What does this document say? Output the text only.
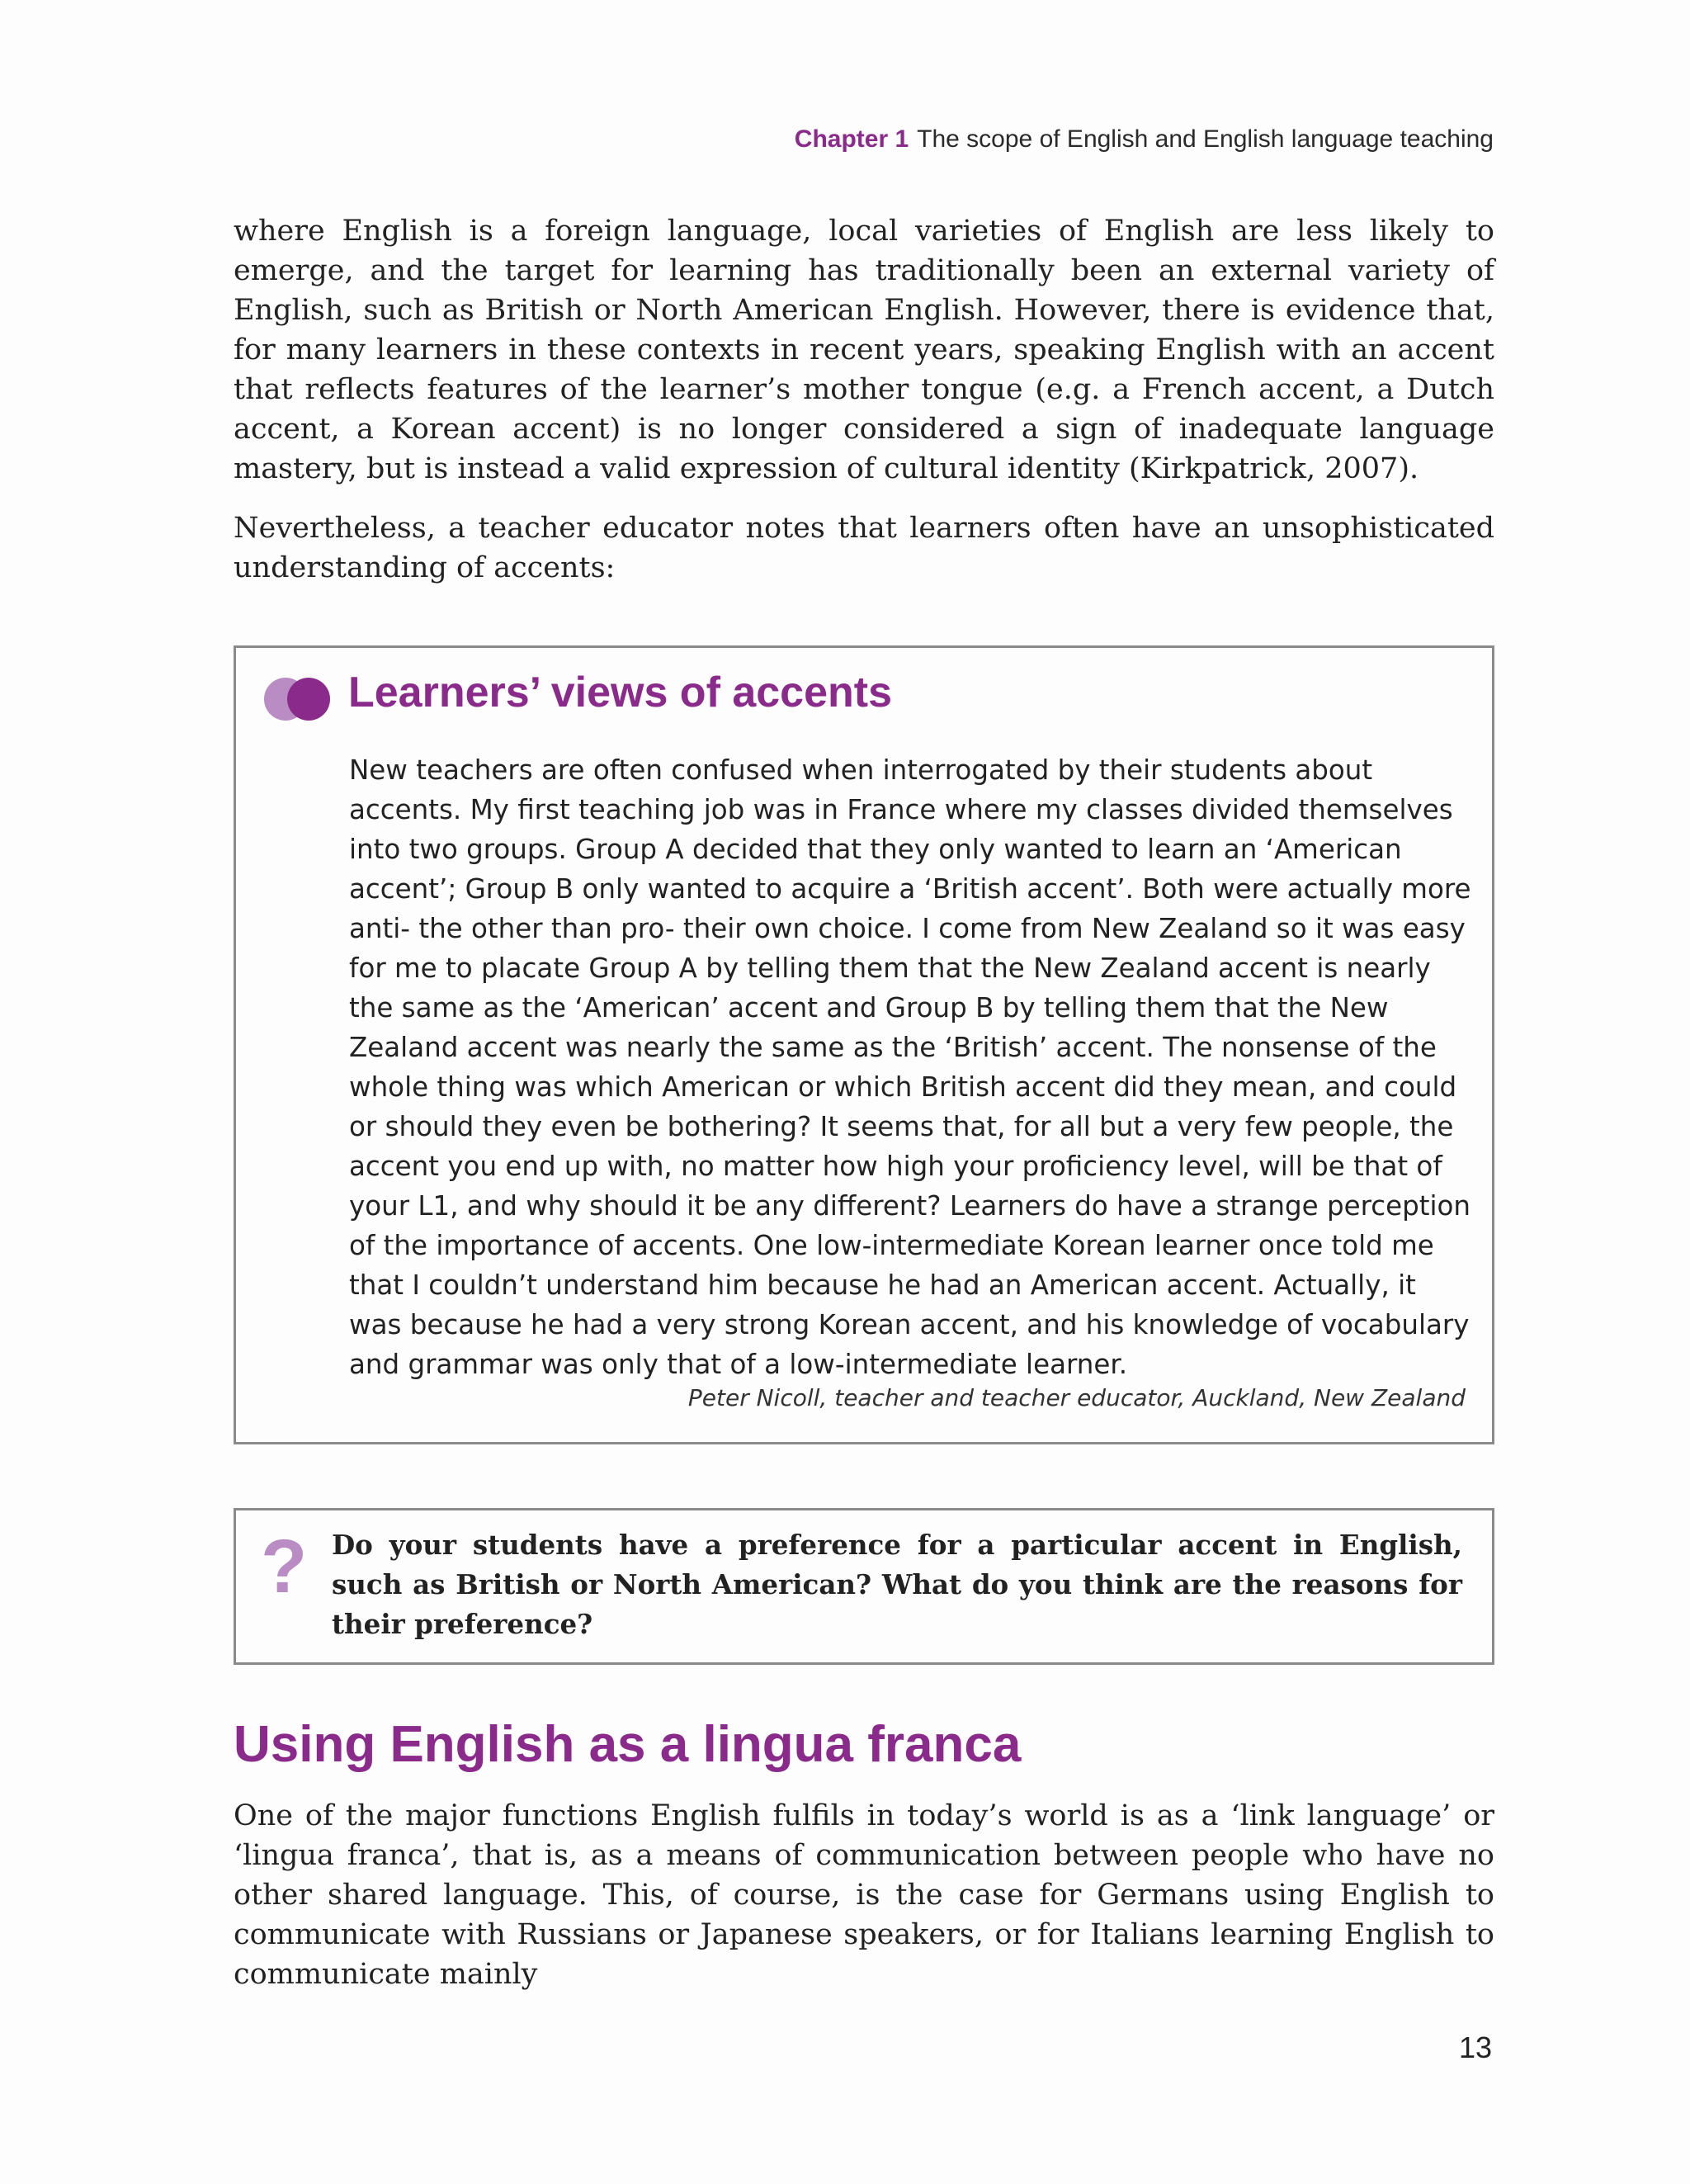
Chapter 1 The scope of English and English language teaching

where English is a foreign language, local varieties of English are less likely to emerge, and the target for learning has traditionally been an external variety of English, such as British or North American English. However, there is evidence that, for many learners in these contexts in recent years, speaking English with an accent that reflects features of the learner’s mother tongue (e.g. a French accent, a Dutch accent, a Korean accent) is no longer considered a sign of inadequate language mastery, but is instead a valid expression of cultural identity (Kirkpatrick, 2007).

Nevertheless, a teacher educator notes that learners often have an unsophisticated understanding of accents:

Learners’ views of accents

New teachers are often confused when interrogated by their students about accents. My first teaching job was in France where my classes divided themselves into two groups. Group A decided that they only wanted to learn an ‘American accent’; Group B only wanted to acquire a ‘British accent’. Both were actually more anti- the other than pro- their own choice. I come from New Zealand so it was easy for me to placate Group A by telling them that the New Zealand accent is nearly the same as the ‘American’ accent and Group B by telling them that the New Zealand accent was nearly the same as the ‘British’ accent. The nonsense of the whole thing was which American or which British accent did they mean, and could or should they even be bothering? It seems that, for all but a very few people, the accent you end up with, no matter how high your proficiency level, will be that of your L1, and why should it be any different? Learners do have a strange perception of the importance of accents. One low-intermediate Korean learner once told me that I couldn’t understand him because he had an American accent. Actually, it was because he had a very strong Korean accent, and his knowledge of vocabulary and grammar was only that of a low-intermediate learner.

Peter Nicoll, teacher and teacher educator, Auckland, New Zealand
? Do your students have a preference for a particular accent in English, such as British or North American? What do you think are the reasons for their preference?

Using English as a lingua franca

One of the major functions English fulfils in today’s world is as a ‘link language’ or ‘lingua franca’, that is, as a means of communication between people who have no other shared language. This, of course, is the case for Germans using English to communicate with Russians or Japanese speakers, or for Italians learning English to communicate mainly

13
